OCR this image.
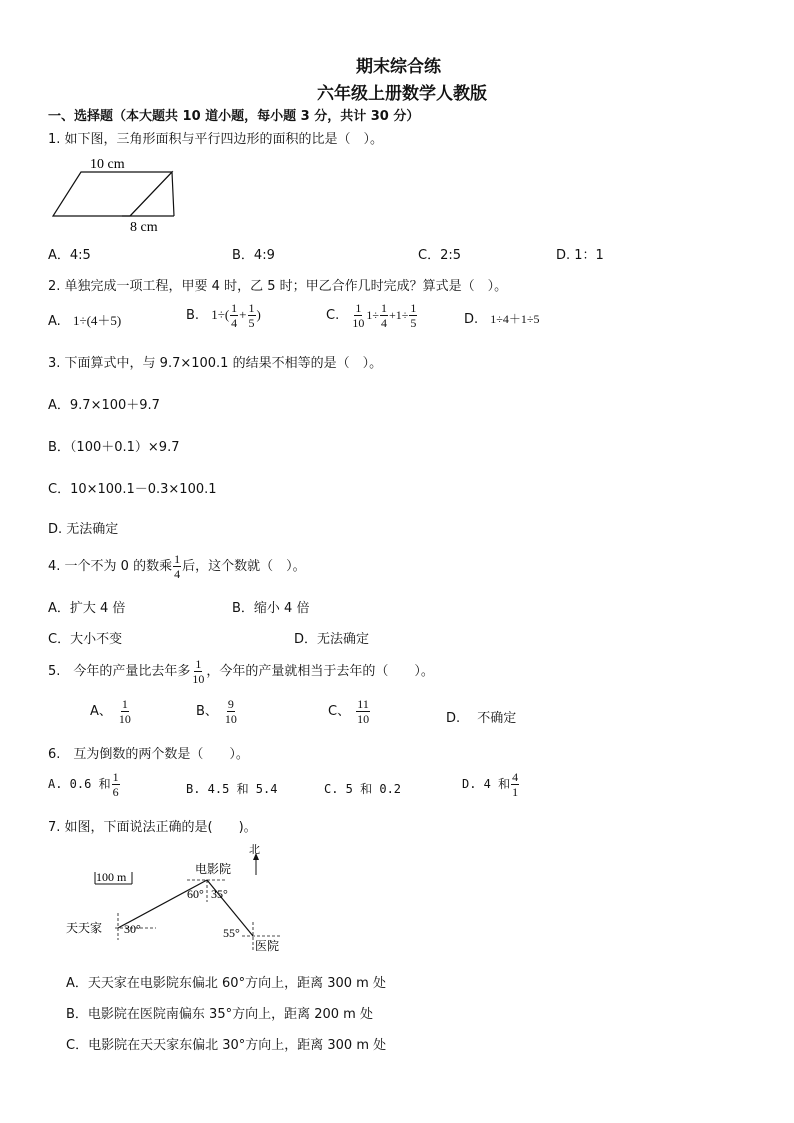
期末综合练
六年级上册数学人教版
一、选择题（本大题共 10 道小题，每小题 3 分，共计 30 分）
1. 如下图，三角形面积与平行四边形的面积的比是（　）。
10 cm
8 cm
A．4:5	B．4:9	C．2:5	D. 1：1
2. 单独完成一项工程，甲要 4 时，乙 5 时；甲乙合作几时完成？算式是（　）。
A. 1÷(4＋5)	B. $1\div( \frac{1}{4} + \frac{1}{5}$ )	C. $\frac{1}{10} 1\div \frac{1}{4} +1\div \frac{1}{5}$	D. 1÷4＋1÷5
3. 下面算式中，与 9.7×100.1 的结果不相等的是（　）。
A．9.7×100＋9.7
B．（100＋0.1）×9.7
C．10×100.1－0.3×100.1
D. 无法确定
4. 一个不为 0 的数乘 $\frac{1}{4}$ 后，这个数就（　）。
A．扩大 4 倍	B．缩小 4 倍
C．大小不变	D．无法确定
5.　今年的产量比去年多 $\frac{1}{10}$ ，今年的产量就相当于去年的（　　）。
A、 $\frac{1}{10}$	B、 $\frac{9}{10}$	C、 $\frac{11}{10}$	D.　 不确定
6.　互为倒数的两个数是（　　）。
A. 0.6 和 $\frac{1}{6}$	B. 4.5 和 5.4	C. 5 和 0.2	D. 4 和 $\frac{4}{1}$
7. 如图，下面说法正确的是(　　)。
100 m
北
电影院
天天家
医院
60° 35°
30°	55°
A．天天家在电影院东偏北 60°方向上，距离 300 m 处
B．电影院在医院南偏东 35°方向上，距离 200 m 处
C．电影院在天天家东偏北 30°方向上，距离 300 m 处
